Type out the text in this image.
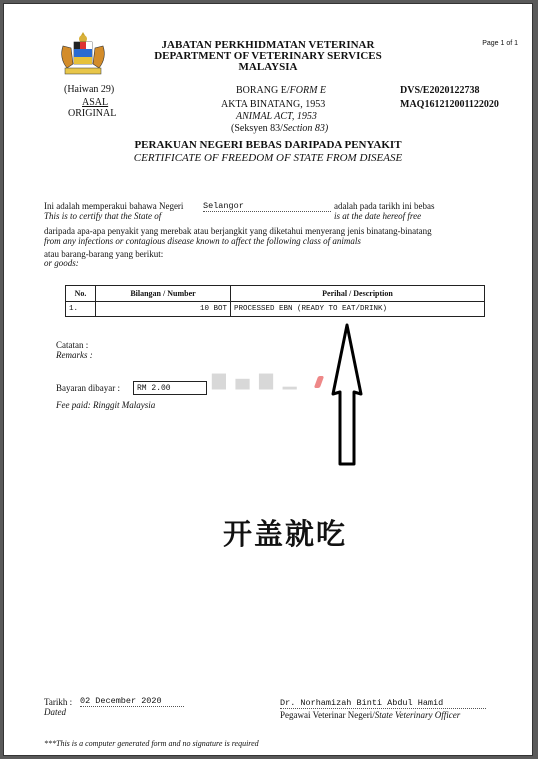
Page 1 of 1
JABATAN PERKHIDMATAN VETERINAR
DEPARTMENT OF VETERINARY SERVICES
MALAYSIA
(Haiwan 29)
ASAL
ORIGINAL
BORANG E/FORM E
AKTA BINATANG, 1953
ANIMAL ACT, 1953
(Seksyen 83/Section 83)
DVS/E2020122738
MAQ161212001122020
PERAKUAN NEGERI BEBAS DARIPADA PENYAKIT
CERTIFICATE OF FREEDOM OF STATE FROM DISEASE
Ini adalah memperakui bahawa Negeri
This is to certify that the State of
Selangor	adalah pada tarikh ini bebas
is at the date hereof free
daripada apa-apa penyakit yang merebak atau berjangkit yang diketahui menyerang jenis binatang-binatang
from any infections or contagious disease known to affect the following class of animals
atau barang-barang yang berikut:
or goods:
No.	Bilangan / Number	Perihal / Description
1.	10 BOT	PROCESSED EBN (READY TO EAT/DRINK)
Catatan :
Remarks :
Bayaran dibayar :	RM 2.00
Fee paid: Ringgit Malaysia
▆ ▄ ▆ ▁
开盖就吃
Tarikh : 02 December 2020
Dated
Dr. Norhamizah Binti Abdul Hamid
Pegawai Veterinar Negeri/State Veterinary Officer
***This is a computer generated form and no signature is required
